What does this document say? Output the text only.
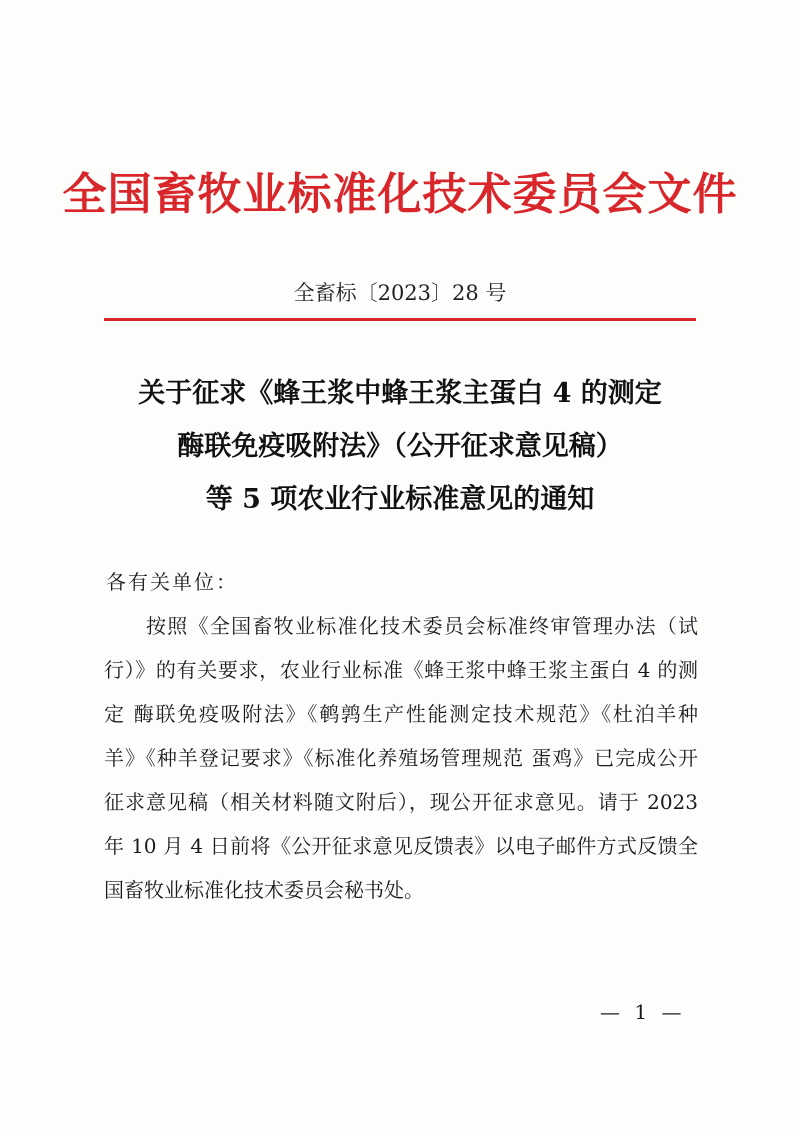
全国畜牧业标准化技术委员会文件
全畜标〔2023〕28 号
关于征求《蜂王浆中蜂王浆主蛋白 4 的测定
酶联免疫吸附法》（公开征求意见稿）
等 5 项农业行业标准意见的通知
各有关单位：
按照《全国畜牧业标准化技术委员会标准终审管理办法（试
行）》的有关要求，农业行业标准《蜂王浆中蜂王浆主蛋白 4 的测
定 酶联免疫吸附法》《鹌鹑生产性能测定技术规范》《杜泊羊种
羊》《种羊登记要求》《标准化养殖场管理规范 蛋鸡》已完成公开
征求意见稿（相关材料随文附后），现公开征求意见。请于 2023
年 10 月 4 日前将《公开征求意见反馈表》以电子邮件方式反馈全
国畜牧业标准化技术委员会秘书处。
— 1 —
